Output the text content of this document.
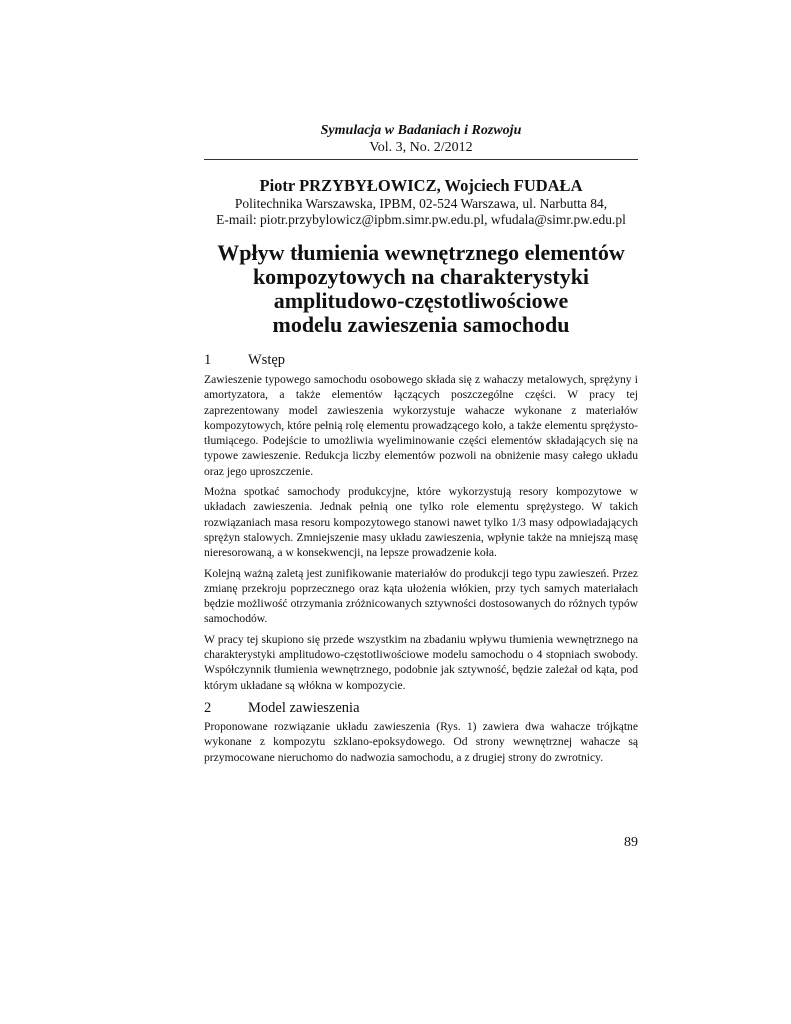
Symulacja w Badaniach i Rozwoju
Vol. 3, No. 2/2012
Piotr PRZYBYŁOWICZ, Wojciech FUDAŁA
Politechnika Warszawska, IPBM, 02-524 Warszawa, ul. Narbutta 84,
E-mail: piotr.przybylowicz@ipbm.simr.pw.edu.pl, wfudala@simr.pw.edu.pl
Wpływ tłumienia wewnętrznego elementów
kompozytowych na charakterystyki
amplitudowo-częstotliwościowe
modelu zawieszenia samochodu
1	Wstęp

Zawieszenie typowego samochodu osobowego składa się z wahaczy metalowych, sprężyny i amortyzatora, a także elementów łączących poszczególne części. W pracy tej zaprezentowany model zawieszenia wykorzystuje wahacze wykonane z materiałów kompozytowych, które pełnią rolę elementu prowadzącego koło, a także elementu sprężysto-tłumiącego. Podejście to umożliwia wyeliminowanie części elementów składających się na typowe zawieszenie. Redukcja liczby elementów pozwoli na obniżenie masy całego układu oraz jego uproszczenie.

Można spotkać samochody produkcyjne, które wykorzystują resory kompozytowe w układach zawieszenia. Jednak pełnią one tylko role elementu sprężystego. W takich rozwiązaniach masa resoru kompozytowego stanowi nawet tylko 1/3 masy odpowiadających sprężyn stalowych. Zmniejszenie masy układu zawieszenia, wpłynie także na mniejszą masę nieresorowaną, a w konsekwencji, na lepsze prowadzenie koła.

Kolejną ważną zaletą jest zunifikowanie materiałów do produkcji tego typu zawieszeń. Przez zmianę przekroju poprzecznego oraz kąta ułożenia włókien, przy tych samych materiałach będzie możliwość otrzymania zróżnicowanych sztywności dostosowanych do różnych typów samochodów.

W pracy tej skupiono się przede wszystkim na zbadaniu wpływu tłumienia wewnętrznego na charakterystyki amplitudowo-częstotliwościowe modelu samochodu o 4 stopniach swobody. Współczynnik tłumienia wewnętrznego, podobnie jak sztywność, będzie zależał od kąta, pod którym układane są włókna w kompozycie.

2	Model zawieszenia

Proponowane rozwiązanie układu zawieszenia (Rys. 1) zawiera dwa wahacze trójkątne wykonane z kompozytu szklano-epoksydowego. Od strony wewnętrznej wahacze są przymocowane nieruchomo do nadwozia samochodu, a z drugiej strony do zwrotnicy.

89
